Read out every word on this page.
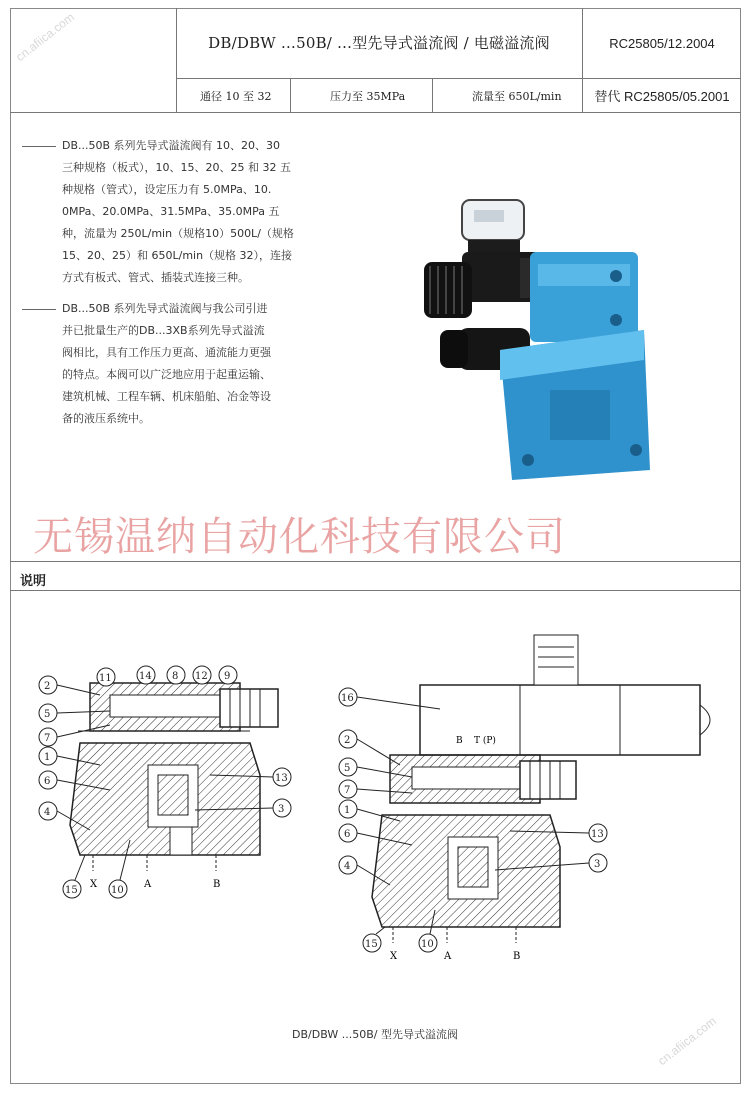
DB/DBW …50B/ …型先导式溢流阀 / 电磁溢流阀	RC25805/12.2004
通径 10 至 32	压力至 35MPa	流量至 650L/min	替代 RC25805/05.2001
DB...50B 系列先导式溢流阀有 10、20、30
三种规格（板式），10、15、20、25 和 32 五
种规格（管式），设定压力有 5.0MPa、10.
0MPa、20.0MPa、31.5MPa、35.0MPa 五
种，流量为 250L/min（规格10）500L/（规格
15、20、25）和 650L/min（规格 32），连接
方式有板式、管式、插装式连接三种。
DB...50B 系列先导式溢流阀与我公司引进
并已批量生产的DB...3XB系列先导式溢流
阀相比，具有工作压力更高、通流能力更强
的特点。本阀可以广泛地应用于起重运输、
建筑机械、工程车辆、机床船舶、冶金等设
备的液压系统中。
无锡温纳自动化科技有限公司
cn.afiica.com
cn.afiica.com
说明
X	A	B
2
5
7
1
6
4
11	14 8 12 9
13
3
15	10
B T (P)
X	A	B
16
2
5
7
1
6
4
13
3
15	10
DB/DBW ...50B/ 型先导式溢流阀
